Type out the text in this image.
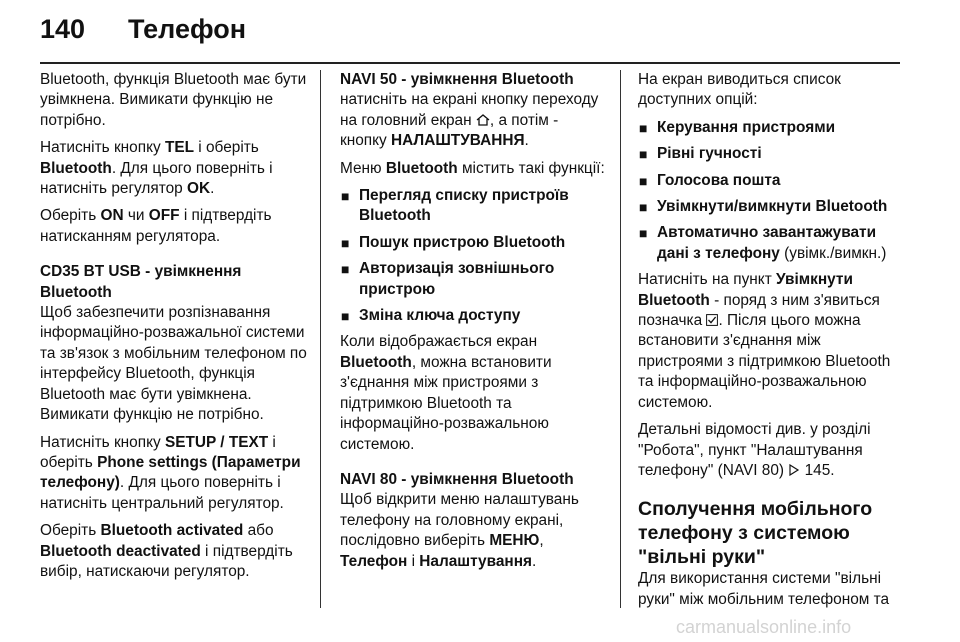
140 Телефон

Bluetooth, функція Bluetooth має бути увімкнена. Вимикати функцію не потрібно.

Натисніть кнопку TEL і оберіть Bluetooth. Для цього поверніть і натисніть регулятор OK.

Оберіть ON чи OFF і підтвердіть натисканням регулятора.

CD35 BT USB - увімкнення Bluetooth

Щоб забезпечити розпізнавання інформаційно-розважальної системи та зв'язок з мобільним телефоном по інтерфейсу Bluetooth, функція Bluetooth має бути увімкнена. Вимикати функцію не потрібно.

Натисніть кнопку SETUP / TEXT і оберіть Phone settings (Параметри телефону). Для цього поверніть і натисніть центральний регулятор.

Оберіть Bluetooth activated або Bluetooth deactivated і підтвердіть вибір, натискаючи регулятор.

NAVI 50 - увімкнення Bluetooth

натисніть на екрані кнопку переходу на головний екран , а потім - кнопку НАЛАШТУВАННЯ.

Меню Bluetooth містить такі функції:

■ Перегляд списку пристроїв Bluetooth
■ Пошук пристрою Bluetooth
■ Авторизація зовнішнього пристрою
■ Зміна ключа доступу

Коли відображається екран Bluetooth, можна встановити з'єднання між пристроями з підтримкою Bluetooth та інформаційно-розважальною системою.

NAVI 80 - увімкнення Bluetooth

Щоб відкрити меню налаштувань телефону на головному екрані, послідовно виберіть МЕНЮ, Телефон і Налаштування.

На екран виводиться список доступних опцій:

■ Керування пристроями
■ Рівні гучності
■ Голосова пошта
■ Увімкнути/вимкнути Bluetooth
■ Автоматично завантажувати дані з телефону (увімк./вимкн.)

Натисніть на пункт Увімкнути Bluetooth - поряд з ним з'явиться позначка . Після цього можна встановити з'єднання між пристроями з підтримкою Bluetooth та інформаційно-розважальною системою.

Детальні відомості див. у розділі "Робота", пункт "Налаштування телефону" (NAVI 80)  145.

Сполучення мобільного телефону з системою "вільні руки"

Для використання системи "вільні руки" між мобільним телефоном та

carmanualsonline.info
